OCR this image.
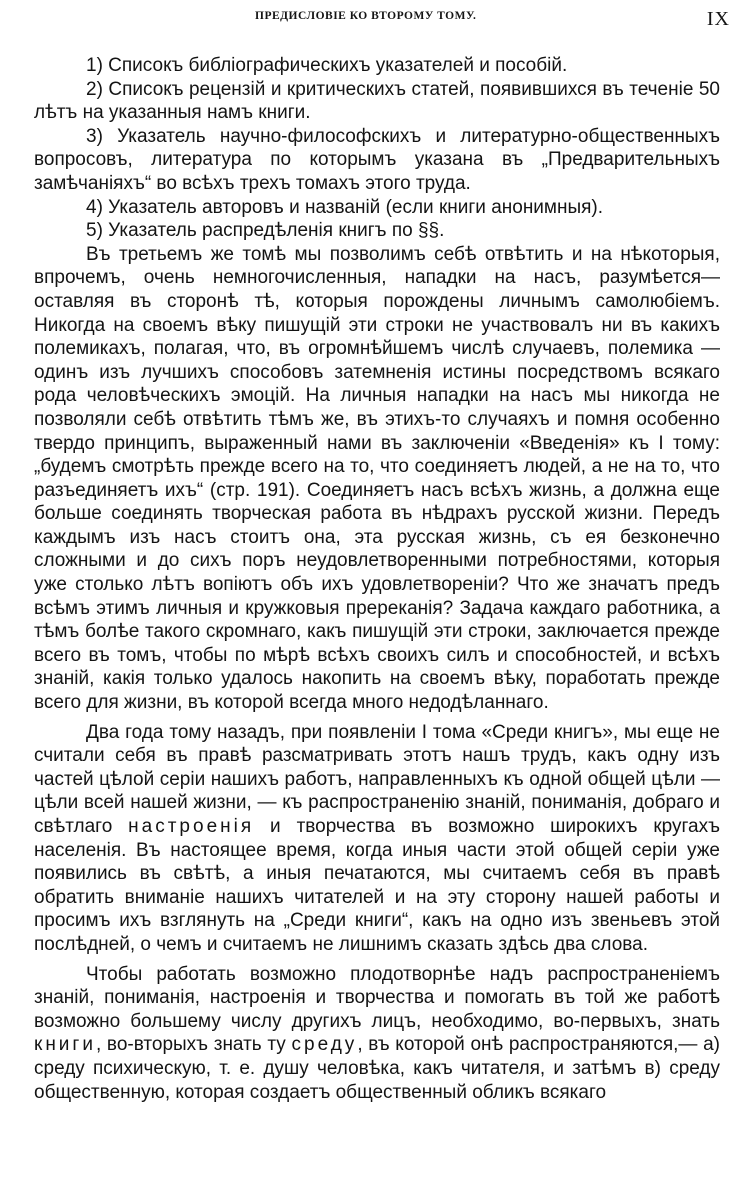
ПРЕДИСЛОВІЕ КО ВТОРОМУ ТОМУ.	IX

1) Списокъ библіографическихъ указателей и пособій.

2) Списокъ рецензій и критическихъ статей, появившихся въ теченіе 50 лѣтъ на указанныя намъ книги.

3) Указатель научно-философскихъ и литературно-общественныхъ вопросовъ, литература по которымъ указана въ „Предварительныхъ замѣчаніяхъ“ во всѣхъ трехъ томахъ этого труда.

4) Указатель авторовъ и названій (если книги анонимныя).

5) Указатель распредѣленія книгъ по §§.

Въ третьемъ же томѣ мы позволимъ себѣ отвѣтить и на нѣкоторыя, впрочемъ, очень немногочисленныя, нападки на насъ, разумѣется—оставляя въ сторонѣ тѣ, которыя порождены личнымъ самолюбіемъ. Никогда на своемъ вѣку пишущій эти строки не участвовалъ ни въ какихъ полемикахъ, полагая, что, въ огромнѣйшемъ числѣ случаевъ, полемика —одинъ изъ лучшихъ способовъ затемненія истины посредствомъ всякаго рода человѣческихъ эмоцій. На личныя нападки на насъ мы никогда не позволяли себѣ отвѣтить тѣмъ же, въ этихъ-то случаяхъ и помня особенно твердо принципъ, выраженный нами въ заключеніи «Введенія» къ I тому: „будемъ смотрѣть прежде всего на то, что соединяетъ людей, а не на то, что разъединяетъ ихъ“ (стр. 191). Соединяетъ насъ всѣхъ жизнь, а должна еще больше соединять творческая работа въ нѣдрахъ русской жизни. Передъ каждымъ изъ насъ стоитъ она, эта русская жизнь, съ ея безконечно сложными и до сихъ поръ неудовлетворенными потребностями, которыя уже столько лѣтъ вопіютъ объ ихъ удовлетвореніи? Что же значатъ предъ всѣмъ этимъ личныя и кружковыя пререканія? Задача каждаго работника, а тѣмъ болѣе такого скромнаго, какъ пишущій эти строки, заключается прежде всего въ томъ, чтобы по мѣрѣ всѣхъ своихъ силъ и способностей, и всѣхъ знаній, какія только удалось накопить на своемъ вѣку, поработать прежде всего для жизни, въ которой всегда много недодѣланнаго.

Два года тому назадъ, при появленіи I тома «Среди книгъ», мы еще не считали себя въ правѣ разсматривать этотъ нашъ трудъ, какъ одну изъ частей цѣлой серіи нашихъ работъ, направленныхъ къ одной общей цѣли — цѣли всей нашей жизни, — къ распространенію знаній, пониманія, добраго и свѣтлаго настроенія и творчества въ возможно широкихъ кругахъ населенія. Въ настоящее время, когда иныя части этой общей серіи уже появились въ свѣтѣ, а иныя печатаются, мы считаемъ себя въ правѣ обратить вниманіе нашихъ читателей и на эту сторону нашей работы и просимъ ихъ взглянуть на „Среди книги“, какъ на одно изъ звеньевъ этой послѣдней, о чемъ и считаемъ не лишнимъ сказать здѣсь два слова.

Чтобы работать возможно плодотворнѣе надъ распространеніемъ знаній, пониманія, настроенія и творчества и помогать въ той же работѣ возможно большему числу другихъ лицъ, необходимо, во-первыхъ, знать книги, во-вторыхъ знать ту среду, въ которой онѣ распространяются,— а) среду психическую, т. е. душу человѣка, какъ читателя, и затѣмъ в) среду общественную, которая создаетъ общественный обликъ всякаго
